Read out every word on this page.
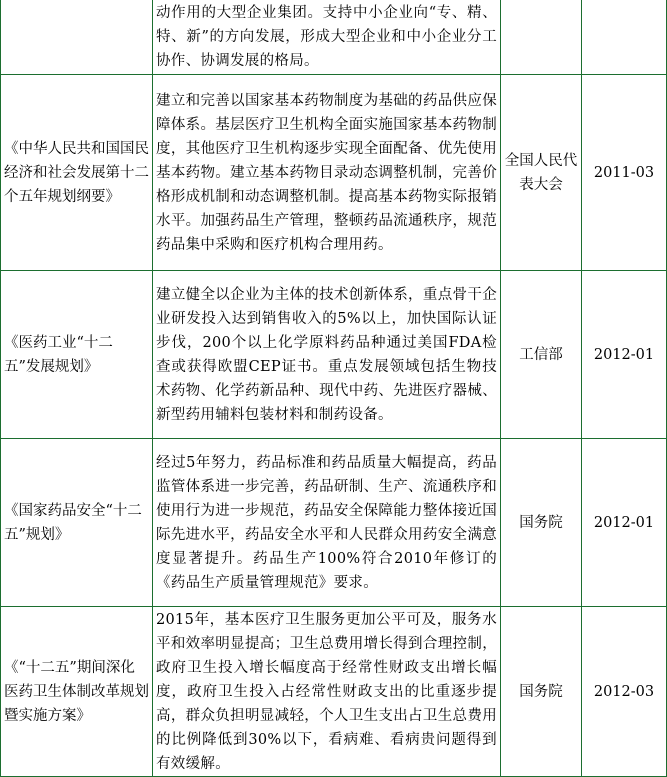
	动作用的大型企业集团。支持中小企业向“专、精、特、新”的方向发展，形成大型企业和中小企业分工协作、协调发展的格局。		
《中华人民共和国国民经济和社会发展第十二个五年规划纲要》	建立和完善以国家基本药物制度为基础的药品供应保障体系。基层医疗卫生机构全面实施国家基本药物制度，其他医疗卫生机构逐步实现全面配备、优先使用基本药物。建立基本药物目录动态调整机制，完善价格形成机制和动态调整机制。提高基本药物实际报销水平。加强药品生产管理，整顿药品流通秩序，规范药品集中采购和医疗机构合理用药。	全国人民代表大会	2011-03
《医药工业“十二五”发展规划》	建立健全以企业为主体的技术创新体系，重点骨干企业研发投入达到销售收入的5%以上，加快国际认证步伐，200个以上化学原料药品种通过美国FDA检查或获得欧盟CEP证书。重点发展领域包括生物技术药物、化学药新品种、现代中药、先进医疗器械、新型药用辅料包装材料和制药设备。	工信部	2012-01
《国家药品安全“十二五”规划》	经过5年努力，药品标准和药品质量大幅提高，药品监管体系进一步完善，药品研制、生产、流通秩序和使用行为进一步规范，药品安全保障能力整体接近国际先进水平，药品安全水平和人民群众用药安全满意度显著提升。药品生产100%符合2010年修订的《药品生产质量管理规范》要求。	国务院	2012-01
《“十二五”期间深化医药卫生体制改革规划暨实施方案》	2015年，基本医疗卫生服务更加公平可及，服务水平和效率明显提高；卫生总费用增长得到合理控制，政府卫生投入增长幅度高于经常性财政支出增长幅度，政府卫生投入占经常性财政支出的比重逐步提高，群众负担明显减轻，个人卫生支出占卫生总费用的比例降低到30%以下，看病难、看病贵问题得到有效缓解。	国务院	2012-03
